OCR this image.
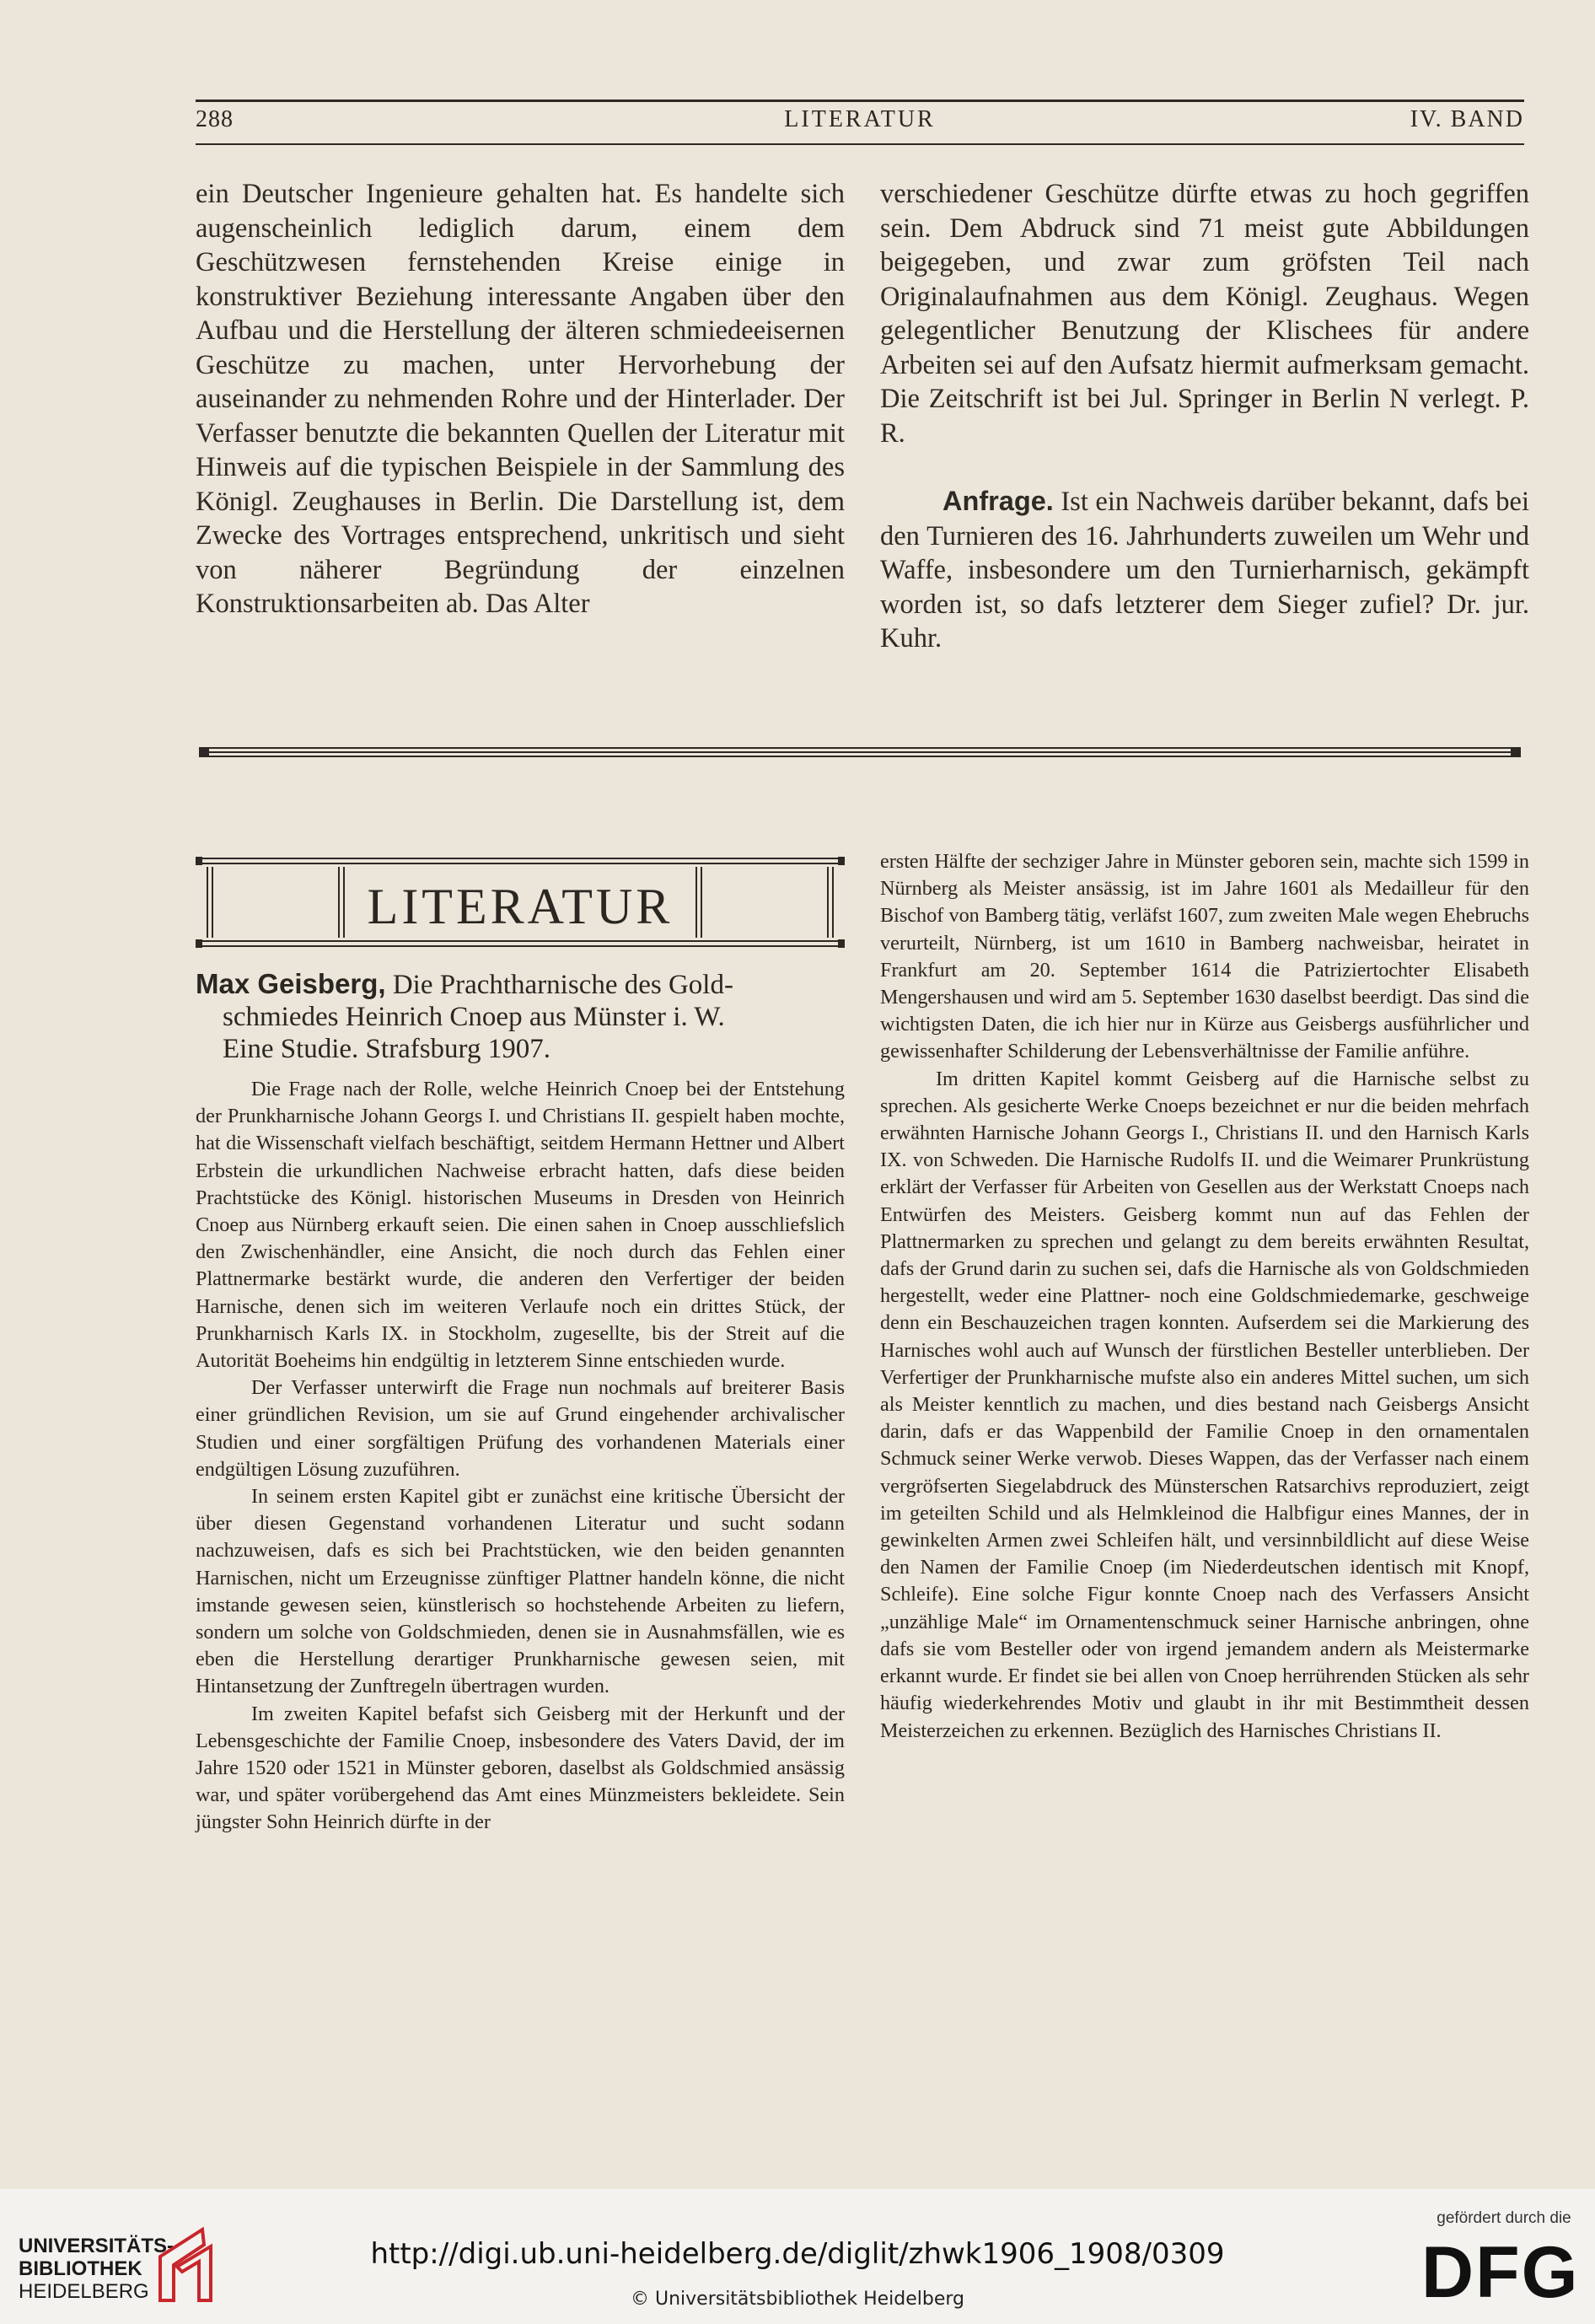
288	LITERATUR	IV. BAND

ein Deutscher Ingenieure gehalten hat. Es handelte sich augenscheinlich lediglich darum, einem dem Geschützwesen fernstehenden Kreise einige in konstruktiver Beziehung interessante Angaben über den Aufbau und die Herstellung der älteren schmiedeeisernen Geschütze zu machen, unter Hervorhebung der auseinander zu nehmenden Rohre und der Hinterlader. Der Verfasser benutzte die bekannten Quellen der Literatur mit Hinweis auf die typischen Beispiele in der Sammlung des Königl. Zeughauses in Berlin. Die Darstellung ist, dem Zwecke des Vortrages entsprechend, unkritisch und sieht von näherer Begründung der einzelnen Konstruktionsarbeiten ab. Das Alter

verschiedener Geschütze dürfte etwas zu hoch gegriffen sein. Dem Abdruck sind 71 meist gute Abbildungen beigegeben, und zwar zum gröfsten Teil nach Originalaufnahmen aus dem Königl. Zeughaus. Wegen gelegentlicher Benutzung der Klischees für andere Arbeiten sei auf den Aufsatz hiermit aufmerksam gemacht. Die Zeitschrift ist bei Jul. Springer in Berlin N verlegt. P. R.

Anfrage. Ist ein Nachweis darüber bekannt, dafs bei den Turnieren des 16. Jahrhunderts zuweilen um Wehr und Waffe, insbesondere um den Turnierharnisch, gekämpft worden ist, so dafs letzterer dem Sieger zufiel? Dr. jur. Kuhr.

LITERATUR

Max Geisberg, Die Prachtharnische des Gold-

schmiedes Heinrich Cnoep aus Münster i. W.

Eine Studie. Strafsburg 1907.

Die Frage nach der Rolle, welche Heinrich Cnoep bei der Entstehung der Prunkharnische Johann Georgs I. und Christians II. gespielt haben mochte, hat die Wissenschaft vielfach beschäftigt, seitdem Hermann Hettner und Albert Erbstein die urkundlichen Nachweise erbracht hatten, dafs diese beiden Prachtstücke des Königl. historischen Museums in Dresden von Heinrich Cnoep aus Nürnberg erkauft seien. Die einen sahen in Cnoep ausschliefslich den Zwischenhändler, eine Ansicht, die noch durch das Fehlen einer Plattnermarke bestärkt wurde, die anderen den Verfertiger der beiden Harnische, denen sich im weiteren Verlaufe noch ein drittes Stück, der Prunkharnisch Karls IX. in Stockholm, zugesellte, bis der Streit auf die Autorität Boeheims hin endgültig in letzterem Sinne entschieden wurde.

Der Verfasser unterwirft die Frage nun nochmals auf breiterer Basis einer gründlichen Revision, um sie auf Grund eingehender archivalischer Studien und einer sorgfältigen Prüfung des vorhandenen Materials einer endgültigen Lösung zuzuführen.

In seinem ersten Kapitel gibt er zunächst eine kritische Übersicht der über diesen Gegenstand vorhandenen Literatur und sucht sodann nachzuweisen, dafs es sich bei Prachtstücken, wie den beiden genannten Harnischen, nicht um Erzeugnisse zünftiger Plattner handeln könne, die nicht imstande gewesen seien, künstlerisch so hochstehende Arbeiten zu liefern, sondern um solche von Goldschmieden, denen sie in Ausnahmsfällen, wie es eben die Herstellung derartiger Prunkharnische gewesen seien, mit Hintansetzung der Zunftregeln übertragen wurden.

Im zweiten Kapitel befafst sich Geisberg mit der Herkunft und der Lebensgeschichte der Familie Cnoep, insbesondere des Vaters David, der im Jahre 1520 oder 1521 in Münster geboren, daselbst als Goldschmied ansässig war, und später vorübergehend das Amt eines Münzmeisters bekleidete. Sein jüngster Sohn Heinrich dürfte in der

ersten Hälfte der sechziger Jahre in Münster geboren sein, machte sich 1599 in Nürnberg als Meister ansässig, ist im Jahre 1601 als Medailleur für den Bischof von Bamberg tätig, verläfst 1607, zum zweiten Male wegen Ehebruchs verurteilt, Nürnberg, ist um 1610 in Bamberg nachweisbar, heiratet in Frankfurt am 20. September 1614 die Patriziertochter Elisabeth Mengershausen und wird am 5. September 1630 daselbst beerdigt. Das sind die wichtigsten Daten, die ich hier nur in Kürze aus Geisbergs ausführlicher und gewissenhafter Schilderung der Lebensverhältnisse der Familie anführe.

Im dritten Kapitel kommt Geisberg auf die Harnische selbst zu sprechen. Als gesicherte Werke Cnoeps bezeichnet er nur die beiden mehrfach erwähnten Harnische Johann Georgs I., Christians II. und den Harnisch Karls IX. von Schweden. Die Harnische Rudolfs II. und die Weimarer Prunkrüstung erklärt der Verfasser für Arbeiten von Gesellen aus der Werkstatt Cnoeps nach Entwürfen des Meisters. Geisberg kommt nun auf das Fehlen der Plattnermarken zu sprechen und gelangt zu dem bereits erwähnten Resultat, dafs der Grund darin zu suchen sei, dafs die Harnische als von Goldschmieden hergestellt, weder eine Plattner- noch eine Goldschmiedemarke, geschweige denn ein Beschauzeichen tragen konnten. Aufserdem sei die Markierung des Harnisches wohl auch auf Wunsch der fürstlichen Besteller unterblieben. Der Verfertiger der Prunkharnische mufste also ein anderes Mittel suchen, um sich als Meister kenntlich zu machen, und dies bestand nach Geisbergs Ansicht darin, dafs er das Wappenbild der Familie Cnoep in den ornamentalen Schmuck seiner Werke verwob. Dieses Wappen, das der Verfasser nach einem vergröfserten Siegelabdruck des Münsterschen Ratsarchivs reproduziert, zeigt im geteilten Schild und als Helmkleinod die Halbfigur eines Mannes, der in gewinkelten Armen zwei Schleifen hält, und versinnbildlicht auf diese Weise den Namen der Familie Cnoep (im Niederdeutschen identisch mit Knopf, Schleife). Eine solche Figur konnte Cnoep nach des Verfassers Ansicht „unzählige Male“ im Ornamentenschmuck seiner Harnische anbringen, ohne dafs sie vom Besteller oder von irgend jemandem andern als Meistermarke erkannt wurde. Er findet sie bei allen von Cnoep herrührenden Stücken als sehr häufig wiederkehrendes Motiv und glaubt in ihr mit Bestimmtheit dessen Meisterzeichen zu erkennen. Bezüglich des Harnisches Christians II.

UNIVERSITÄTS-
BIBLIOTHEK
HEIDELBERG
http://digi.ub.uni-heidelberg.de/diglit/zhwk1906_1908/0309
© Universitätsbibliothek Heidelberg
gefördert durch die
DFG
